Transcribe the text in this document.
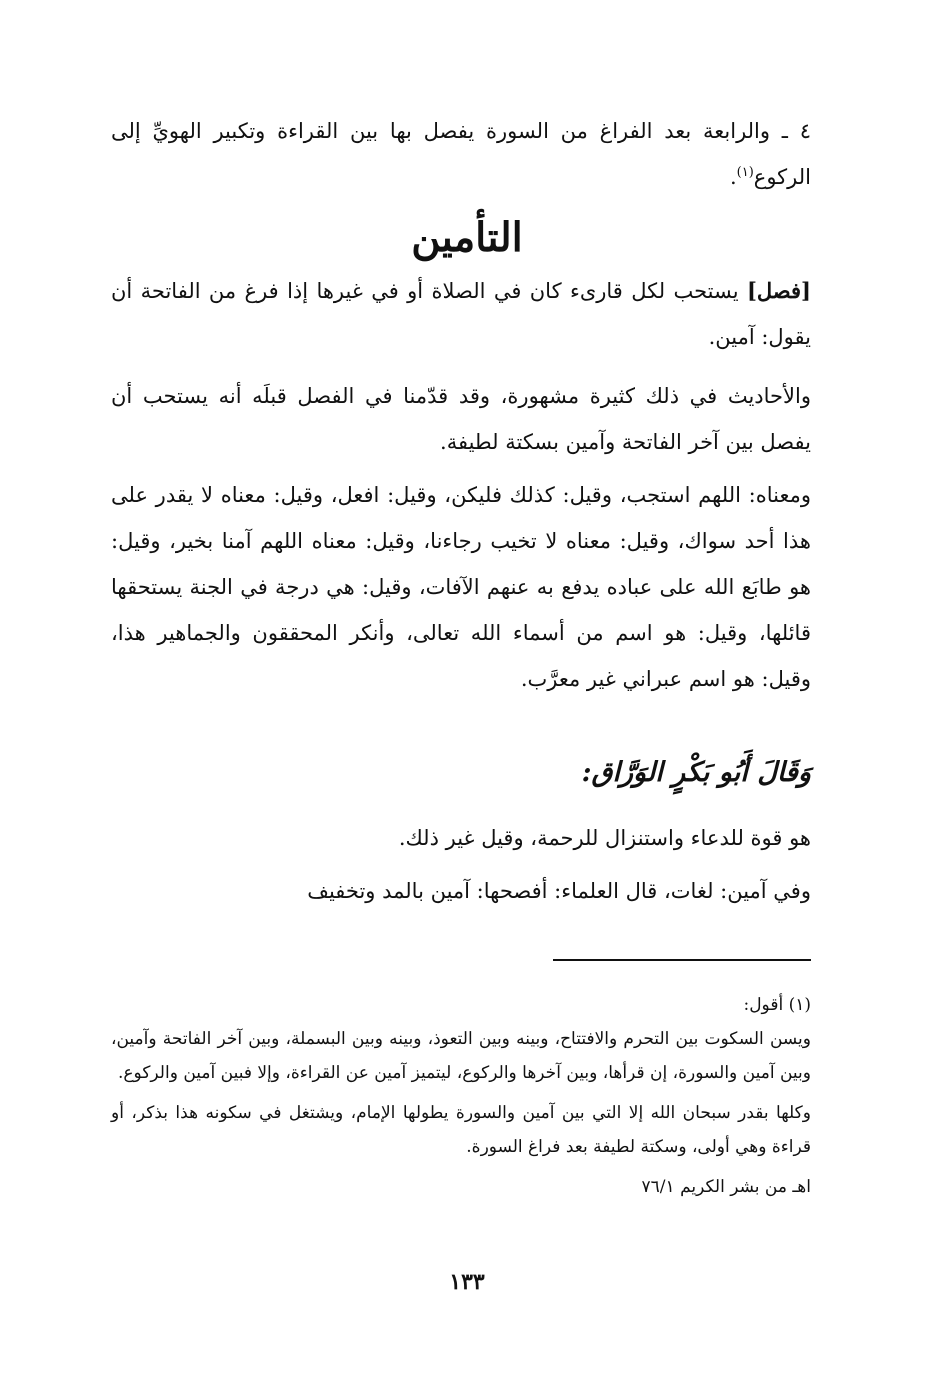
٤ ـ والرابعة بعد الفراغ من السورة يفصل بها بين القراءة وتكبير الهويِّ إلى الركوع$^{(١)}$.
التأمين
[فصل] يستحب لكل قارىء كان في الصلاة أو في غيرها إذا فرغ من الفاتحة أن يقول: آمين.
والأحاديث في ذلك كثيرة مشهورة، وقد قدّمنا في الفصل قبلَه أنه يستحب أن يفصل بين آخر الفاتحة وآمين بسكتة لطيفة.
ومعناه: اللهم استجب، وقيل: كذلك فليكن، وقيل: افعل، وقيل: معناه لا يقدر على هذا أحد سواك، وقيل: معناه لا تخيب رجاءنا، وقيل: معناه اللهم آمنا بخير، وقيل: هو طابَع الله على عباده يدفع به عنهم الآفات، وقيل: هي درجة في الجنة يستحقها قائلها، وقيل: هو اسم من أسماء الله تعالى، وأنكر المحققون والجماهير هذا، وقيل: هو اسم عبراني غير معرَّب.
وَقَالَ أَبُو بَكْرٍ الوَرَّاق:
هو قوة للدعاء واستنزال للرحمة، وقيل غير ذلك.
وفي آمين: لغات، قال العلماء: أفصحها: آمين بالمد وتخفيف

(١) أقول:

ويسن السكوت بين التحرم والافتتاح، وبينه وبين التعوذ، وبينه وبين البسملة، وبين آخر الفاتحة وآمين، وبين آمين والسورة، إن قرأها، وبين آخرها والركوع، ليتميز آمين عن القراءة، وإلا فبين آمين والركوع.

وكلها بقدر سبحان الله إلا التي بين آمين والسورة يطولها الإمام، ويشتغل في سكونه هذا بذكر، أو قراءة وهي أولى، وسكتة لطيفة بعد فراغ السورة.

اهـ من بشر الكريم ٧٦/١

١٣٣
